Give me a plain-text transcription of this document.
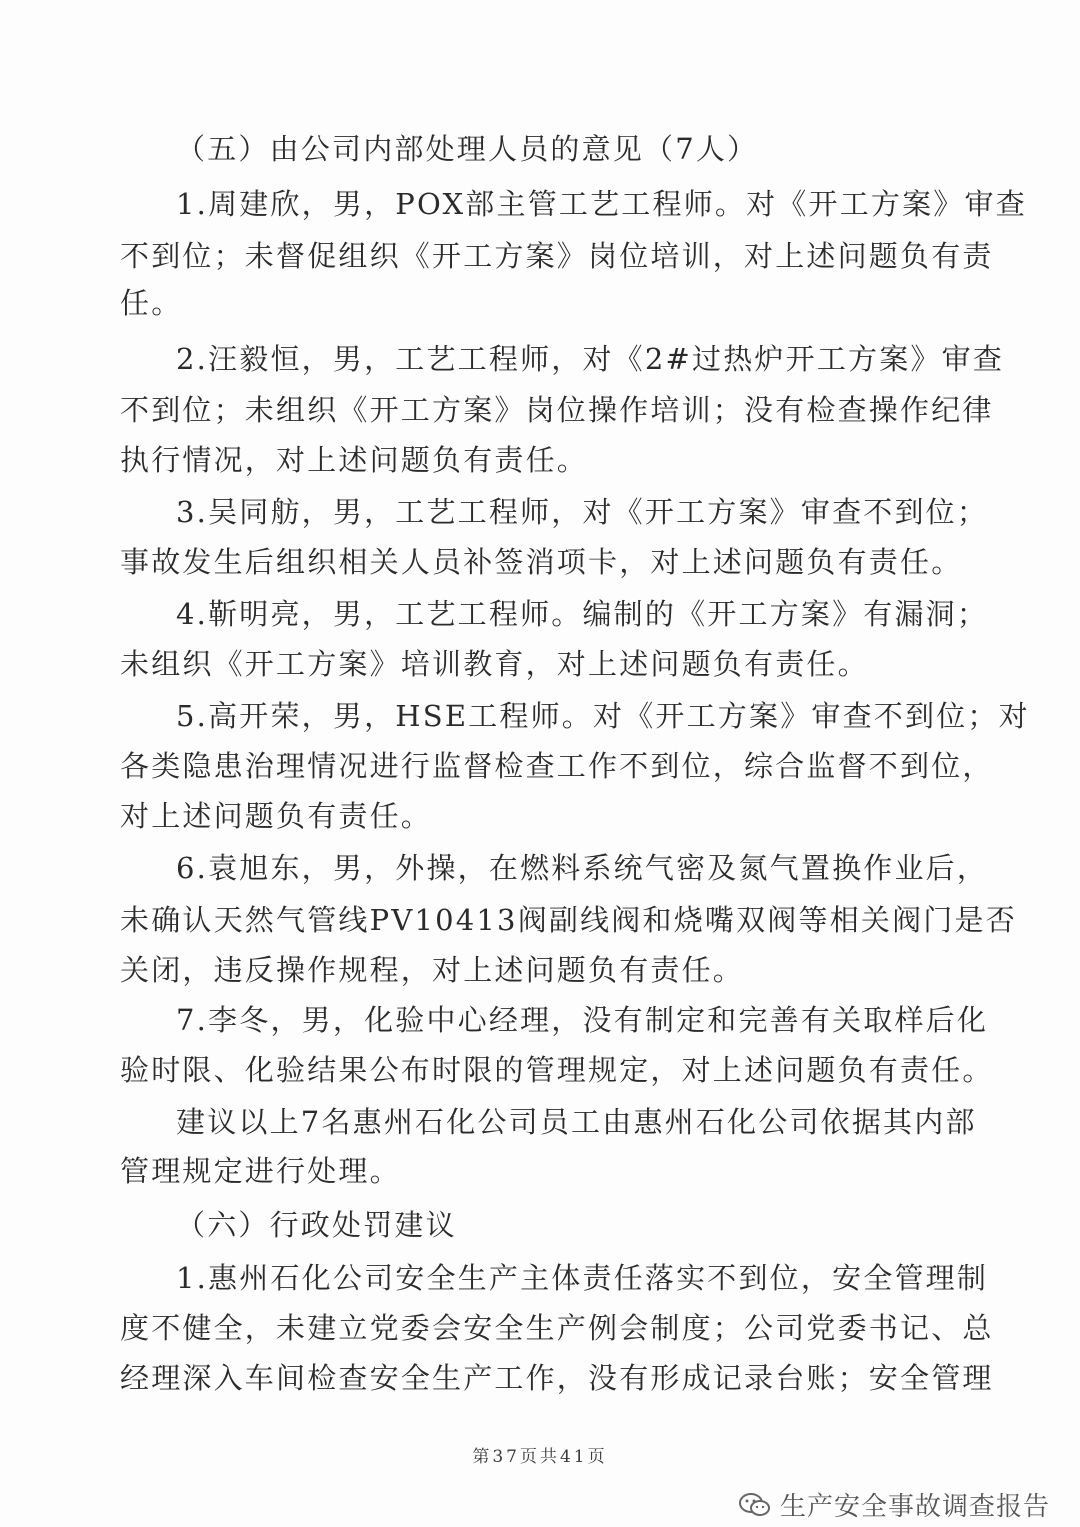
（五）由公司内部处理人员的意见（7人）
1.周建欣，男，POX部主管工艺工程师。对《开工方案》审查
不到位；未督促组织《开工方案》岗位培训，对上述问题负有责
任。
2.汪毅恒，男，工艺工程师，对《2#过热炉开工方案》审查
不到位；未组织《开工方案》岗位操作培训；没有检查操作纪律
执行情况，对上述问题负有责任。
3.吴同舫，男，工艺工程师，对《开工方案》审查不到位；
事故发生后组织相关人员补签消项卡，对上述问题负有责任。
4.靳明亮，男，工艺工程师。编制的《开工方案》有漏洞；
未组织《开工方案》培训教育，对上述问题负有责任。
5.高开荣，男，HSE工程师。对《开工方案》审查不到位；对
各类隐患治理情况进行监督检查工作不到位，综合监督不到位，
对上述问题负有责任。
6.袁旭东，男，外操，在燃料系统气密及氮气置换作业后，
未确认天然气管线PV10413阀副线阀和烧嘴双阀等相关阀门是否
关闭，违反操作规程，对上述问题负有责任。
7.李冬，男，化验中心经理，没有制定和完善有关取样后化
验时限、化验结果公布时限的管理规定，对上述问题负有责任。
建议以上7名惠州石化公司员工由惠州石化公司依据其内部
管理规定进行处理。
（六）行政处罚建议
1.惠州石化公司安全生产主体责任落实不到位，安全管理制
度不健全，未建立党委会安全生产例会制度；公司党委书记、总
经理深入车间检查安全生产工作，没有形成记录台账；安全管理
第37页共41页
生产安全事故调查报告
